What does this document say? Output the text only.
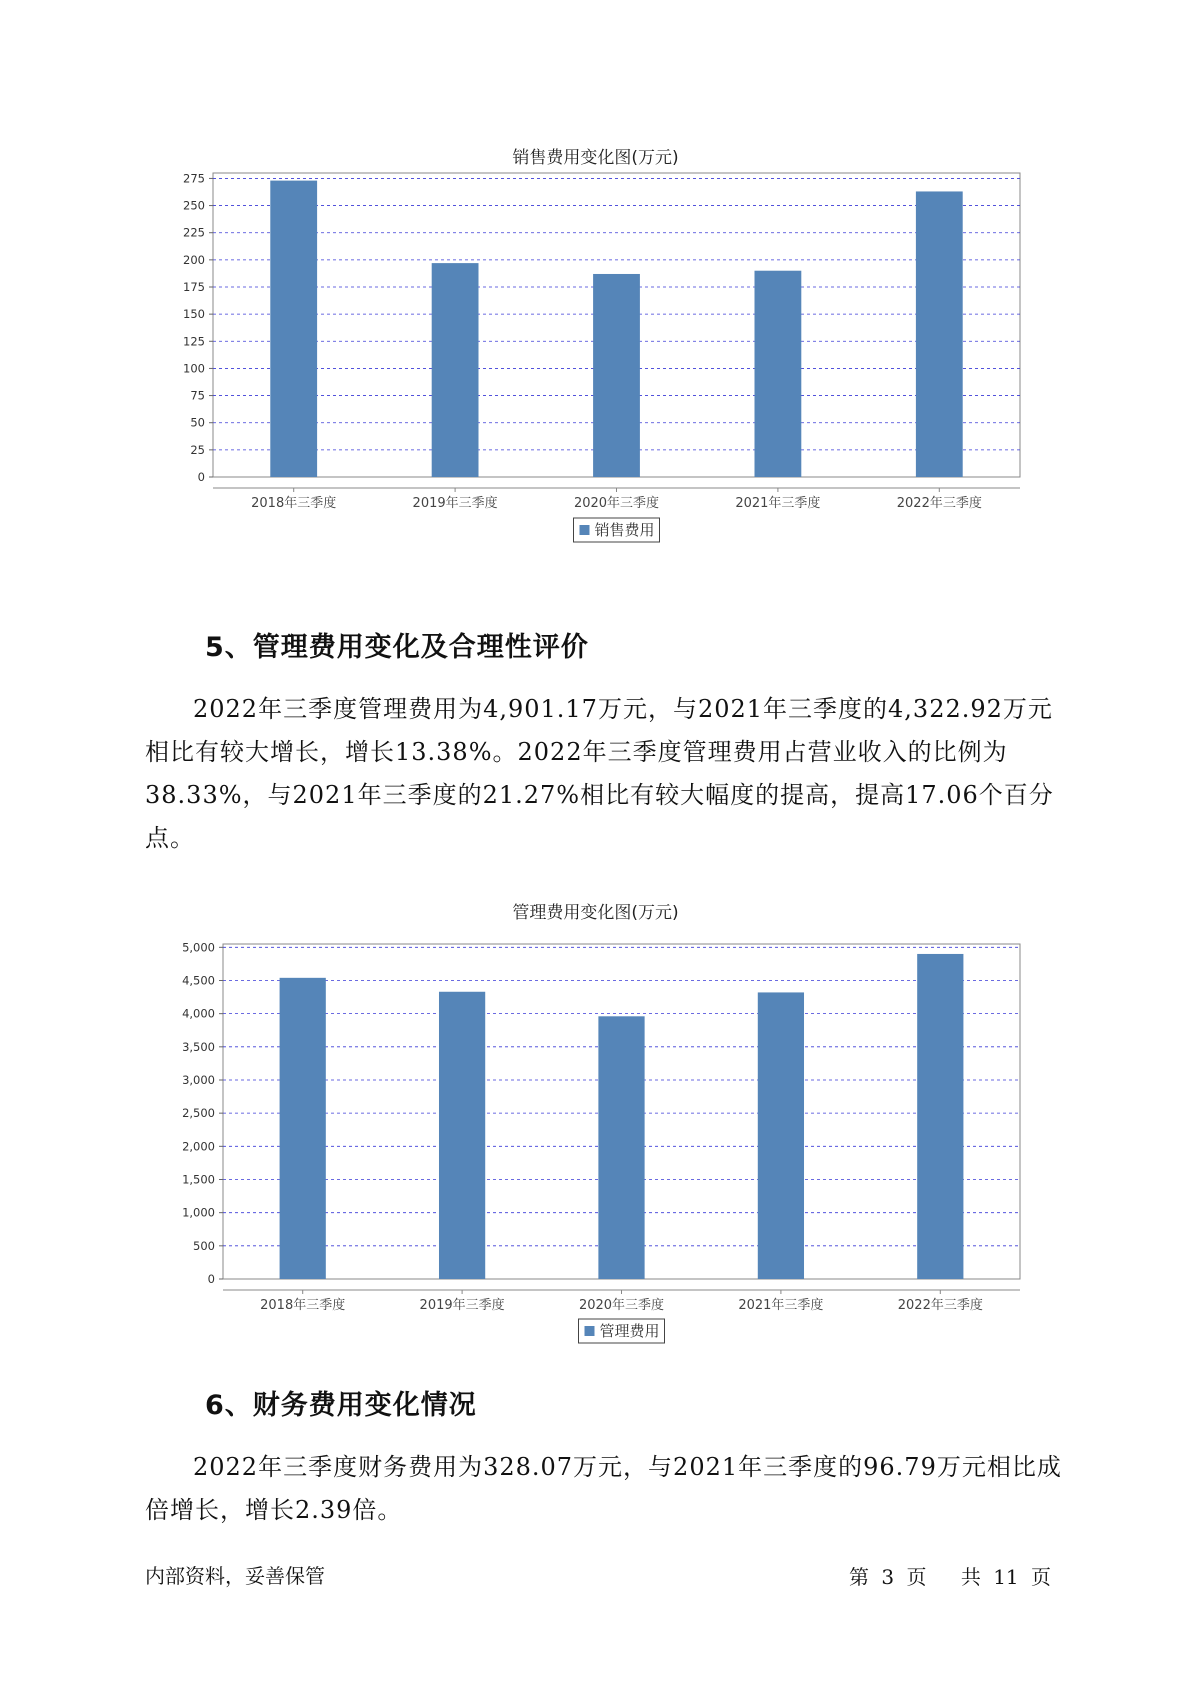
销售费用变化图(万元)
0
25
50
75
100
125
150
175
200
225
250
275
2018年三季度	2019年三季度	2020年三季度	2021年三季度	2022年三季度
销售费用
5、管理费用变化及合理性评价

2022年三季度管理费用为4,901.17万元，与2021年三季度的4,322.92万元相比有较大增长，增长13.38%。2022年三季度管理费用占营业收入的比例为38.33%，与2021年三季度的21.27%相比有较大幅度的提高，提高17.06个百分点。

管理费用变化图(万元)
0
500
1,000
1,500
2,000
2,500
3,000
3,500
4,000
4,500
5,000
2018年三季度	2019年三季度	2020年三季度	2021年三季度	2022年三季度
管理费用
6、财务费用变化情况

2022年三季度财务费用为328.07万元，与2021年三季度的96.79万元相比成倍增长，增长2.39倍。

内部资料，妥善保管	第 3 页 共 11 页
